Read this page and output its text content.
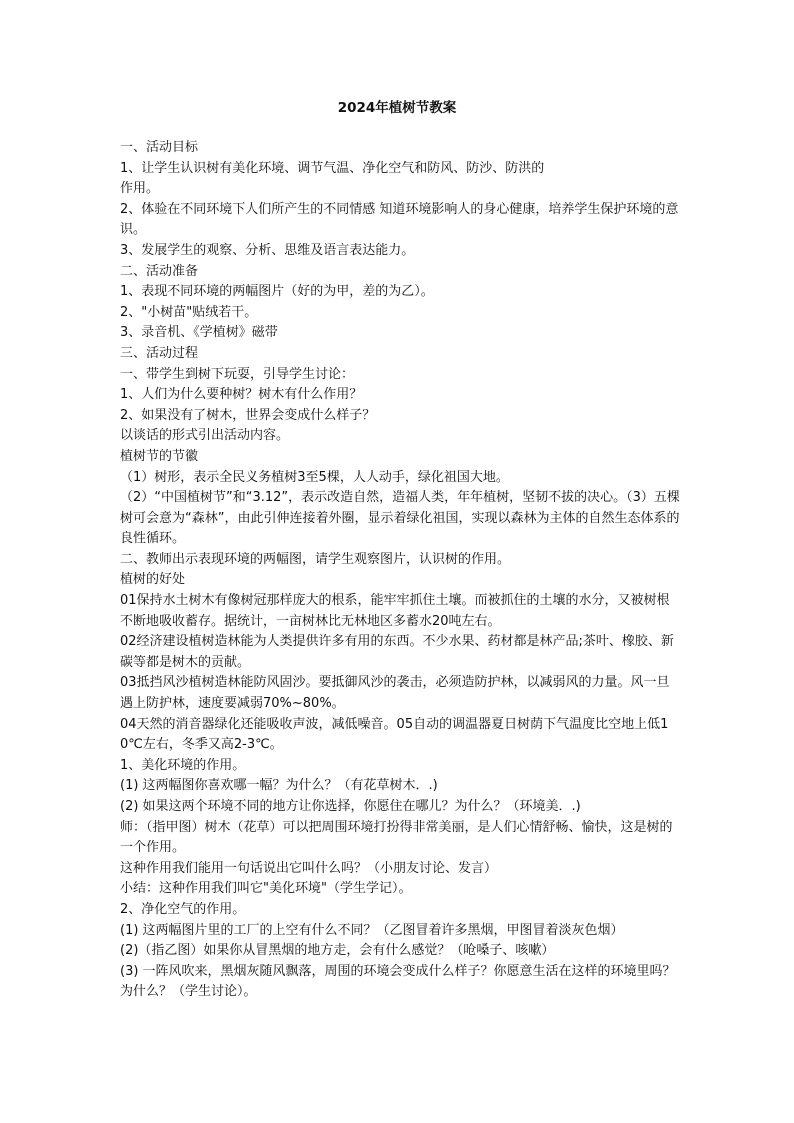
2024年植树节教案

一、活动目标

1、让学生认识树有美化环境、调节气温、净化空气和防风、防沙、防洪的

作用。

2、体验在不同环境下人们所产生的不同情感 知道环境影响人的身心健康，培养学生保护环境的意识。

3、发展学生的观察、分析、思维及语言表达能力。

二、活动准备

1、表现不同环境的两幅图片（好的为甲，差的为乙）。

2、"小树苗"贴绒若干。

3、录音机、《学植树》磁带

三、活动过程

一、带学生到树下玩耍，引导学生讨论：

1、人们为什么要种树？树木有什么作用？

2、如果没有了树木，世界会变成什么样子？

以谈话的形式引出活动内容。

植树节的节徽

（1）树形，表示全民义务植树3至5棵，人人动手，绿化祖国大地。

（2）“中国植树节”和“3.12”，表示改造自然，造福人类，年年植树，坚韧不拔的决心。（3）五棵树可会意为“森林”，由此引伸连接着外圈，显示着绿化祖国，实现以森林为主体的自然生态体系的良性循环。

二、教师出示表现环境的两幅图，请学生观察图片，认识树的作用。

植树的好处

01保持水土树木有像树冠那样庞大的根系，能牢牢抓住土壤。而被抓住的土壤的水分，又被树根不断地吸收蓄存。据统计，一亩树林比无林地区多蓄水20吨左右。

02经济建设植树造林能为人类提供许多有用的东西。不少水果、药材都是林产品;茶叶、橡胶、新碳等都是树木的贡献。

03抵挡风沙植树造林能防风固沙。要抵御风沙的袭击，必须造防护林，以减弱风的力量。风一旦遇上防护林，速度要减弱70%~80%。

04天然的消音器绿化还能吸收声波，减低噪音。05自动的调温器夏日树荫下气温度比空地上低10℃左右，冬季又高2-3℃。

1、美化环境的作用。

(1) 这两幅图你喜欢哪一幅？为什么？（有花草树木．.)

(2) 如果这两个环境不同的地方让你选择，你愿住在哪儿？为什么？（环境美．.)

师：（指甲图）树木（花草）可以把周围环境打扮得非常美丽，是人们心情舒畅、愉快，这是树的一个作用。

这种作用我们能用一句话说出它叫什么吗？（小朋友讨论、发言）

小结：这种作用我们叫它"美化环境"（学生学记）。

2、净化空气的作用。

(1) 这两幅图片里的工厂的上空有什么不同？（乙图冒着许多黑烟，甲图冒着淡灰色烟）

(2)（指乙图）如果你从冒黑烟的地方走，会有什么感觉？（呛嗓子、咳嗽）

(3) 一阵风吹来，黑烟灰随风飘落，周围的环境会变成什么样子？你愿意生活在这样的环境里吗？为什么？（学生讨论）。
